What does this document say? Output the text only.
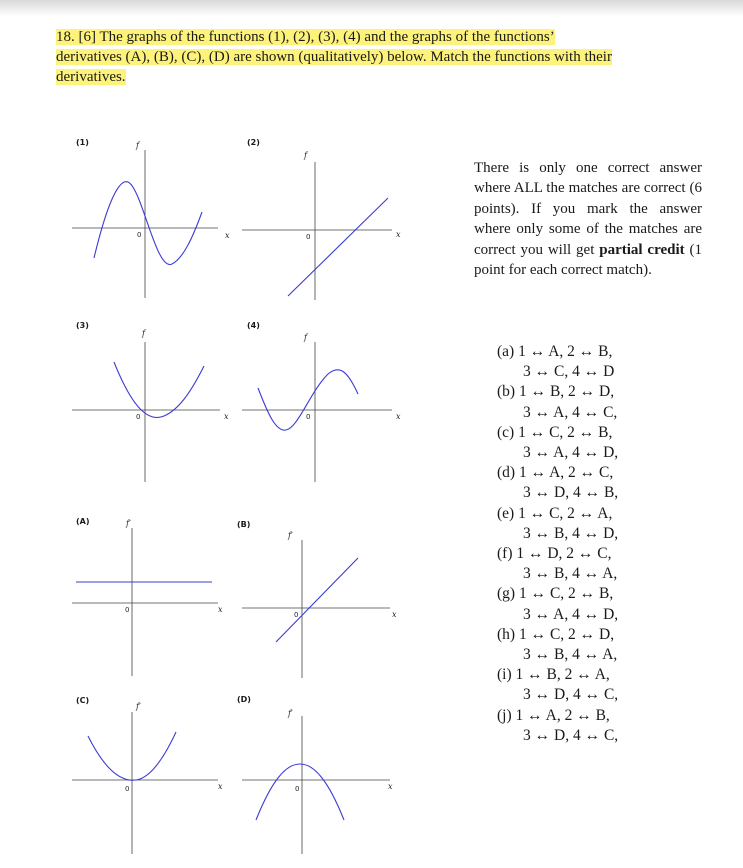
18. [6] The graphs of the functions (1), (2), (3), (4) and the graphs of the functions’
derivatives (A), (B), (C), (D) are shown (qualitatively) below. Match the functions with their
derivatives.
(1)	f
x
0
(2)
f
x
0
(3)
f
x
0
(4)
f
x
0
(A)	f′
x
0
(B)
f′
x
0
(C)
f′
x
0
(D)
f′
x
0
There is only one correct answer where ALL the matches are correct (6 points). If you mark the answer where only some of the matches are correct you will get partial credit (1 point for each correct match).
(a) 1 ↔ A, 2 ↔ B,
3 ↔ C, 4 ↔ D
(b) 1 ↔ B, 2 ↔ D,
3 ↔ A, 4 ↔ C,
(c) 1 ↔ C, 2 ↔ B,
3 ↔ A, 4 ↔ D,
(d) 1 ↔ A, 2 ↔ C,
3 ↔ D, 4 ↔ B,
(e) 1 ↔ C, 2 ↔ A,
3 ↔ B, 4 ↔ D,
(f) 1 ↔ D, 2 ↔ C,
3 ↔ B, 4 ↔ A,
(g) 1 ↔ C, 2 ↔ B,
3 ↔ A, 4 ↔ D,
(h) 1 ↔ C, 2 ↔ D,
3 ↔ B, 4 ↔ A,
(i) 1 ↔ B, 2 ↔ A,
3 ↔ D, 4 ↔ C,
(j) 1 ↔ A, 2 ↔ B,
3 ↔ D, 4 ↔ C,
